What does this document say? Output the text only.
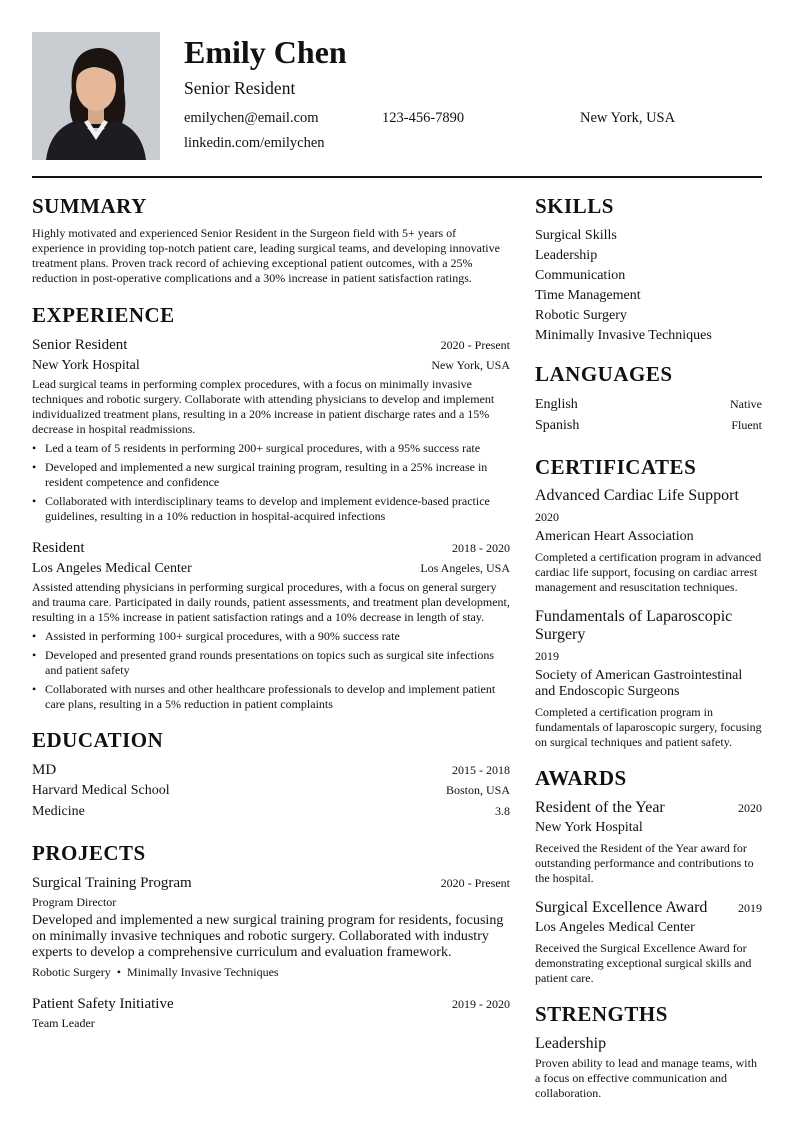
Emily Chen
Senior Resident
emilychen@email.com	123-456-7890	New York, USA
linkedin.com/emilychen
SUMMARY
Highly motivated and experienced Senior Resident in the Surgeon field with 5+ years of experience in providing top-notch patient care, leading surgical teams, and developing innovative treatment plans. Proven track record of achieving exceptional patient outcomes, with a 25% reduction in post-operative complications and a 30% increase in patient satisfaction ratings.
EXPERIENCE
Senior Resident	2020 - Present
New York Hospital	New York, USA
Lead surgical teams in performing complex procedures, with a focus on minimally invasive techniques and robotic surgery. Collaborate with attending physicians to develop and implement individualized treatment plans, resulting in a 20% increase in patient discharge rates and a 15% decrease in hospital readmissions.
• Led a team of 5 residents in performing 200+ surgical procedures, with a 95% success rate
• Developed and implemented a new surgical training program, resulting in a 25% increase in resident competence and confidence
• Collaborated with interdisciplinary teams to develop and implement evidence-based practice guidelines, resulting in a 10% reduction in hospital-acquired infections
Resident	2018 - 2020
Los Angeles Medical Center	Los Angeles, USA
Assisted attending physicians in performing surgical procedures, with a focus on general surgery and trauma care. Participated in daily rounds, patient assessments, and treatment plan development, resulting in a 15% increase in patient satisfaction ratings and a 10% decrease in length of stay.
• Assisted in performing 100+ surgical procedures, with a 90% success rate
• Developed and presented grand rounds presentations on topics such as surgical site infections and patient safety
• Collaborated with nurses and other healthcare professionals to develop and implement patient care plans, resulting in a 5% reduction in patient complaints
EDUCATION
MD	2015 - 2018
Harvard Medical School	Boston, USA
Medicine	3.8
PROJECTS
Surgical Training Program	2020 - Present
Program Director
Developed and implemented a new surgical training program for residents, focusing on minimally invasive techniques and robotic surgery. Collaborated with industry experts to develop a comprehensive curriculum and evaluation framework.
Robotic Surgery • Minimally Invasive Techniques
Patient Safety Initiative	2019 - 2020
Team Leader
SKILLS
Surgical Skills
Leadership
Communication
Time Management
Robotic Surgery
Minimally Invasive Techniques
LANGUAGES
English	Native
Spanish	Fluent
CERTIFICATES
Advanced Cardiac Life Support
2020
American Heart Association
Completed a certification program in advanced cardiac life support, focusing on cardiac arrest management and resuscitation techniques.
Fundamentals of Laparoscopic Surgery
2019
Society of American Gastrointestinal and Endoscopic Surgeons
Completed a certification program in fundamentals of laparoscopic surgery, focusing on surgical techniques and patient safety.
AWARDS
Resident of the Year	2020
New York Hospital
Received the Resident of the Year award for outstanding performance and contributions to the hospital.
Surgical Excellence Award	2019
Los Angeles Medical Center
Received the Surgical Excellence Award for demonstrating exceptional surgical skills and patient care.
STRENGTHS
Leadership
Proven ability to lead and manage teams, with a focus on effective communication and collaboration.
